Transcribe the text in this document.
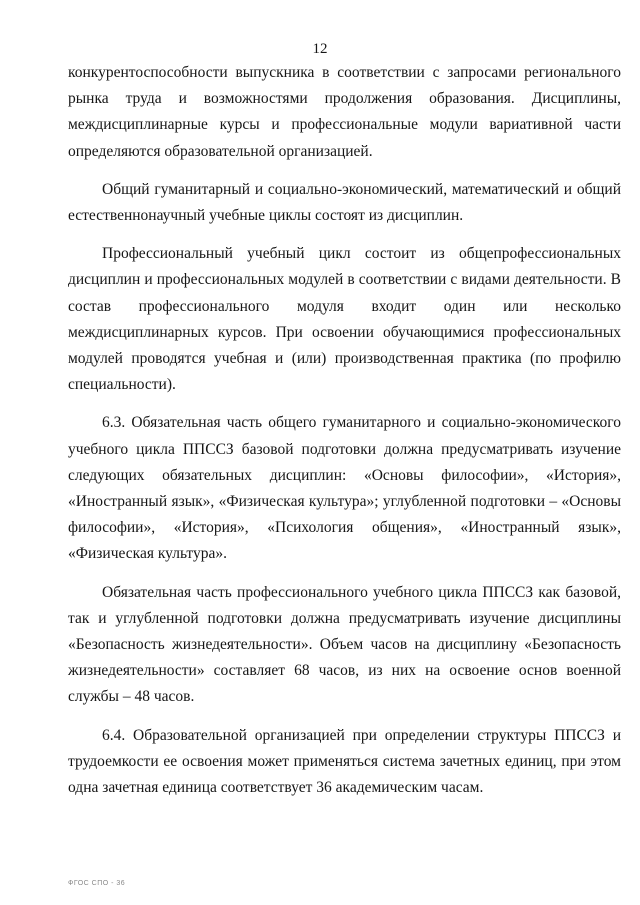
12

конкурентоспособности выпускника в соответствии с запросами регионального рынка труда и возможностями продолжения образования. Дисциплины, междисциплинарные курсы и профессиональные модули вариативной части определяются образовательной организацией.

Общий гуманитарный и социально-экономический, математический и общий естественнонаучный учебные циклы состоят из дисциплин.

Профессиональный учебный цикл состоит из общепрофессиональных дисциплин и профессиональных модулей в соответствии с видами деятельности. В состав профессионального модуля входит один или несколько междисциплинарных курсов. При освоении обучающимися профессиональных модулей проводятся учебная и (или) производственная практика (по профилю специальности).

6.3. Обязательная часть общего гуманитарного и социально-экономического учебного цикла ППССЗ базовой подготовки должна предусматривать изучение следующих обязательных дисциплин: «Основы философии», «История», «Иностранный язык», «Физическая культура»; углубленной подготовки – «Основы философии», «История», «Психология общения», «Иностранный язык», «Физическая культура».

Обязательная часть профессионального учебного цикла ППССЗ как базовой, так и углубленной подготовки должна предусматривать изучение дисциплины «Безопасность жизнедеятельности». Объем часов на дисциплину «Безопасность жизнедеятельности» составляет 68 часов, из них на освоение основ военной службы – 48 часов.

6.4. Образовательной организацией при определении структуры ППССЗ и трудоемкости ее освоения может применяться система зачетных единиц, при этом одна зачетная единица соответствует 36 академическим часам.

ФГОС СПО - 36
